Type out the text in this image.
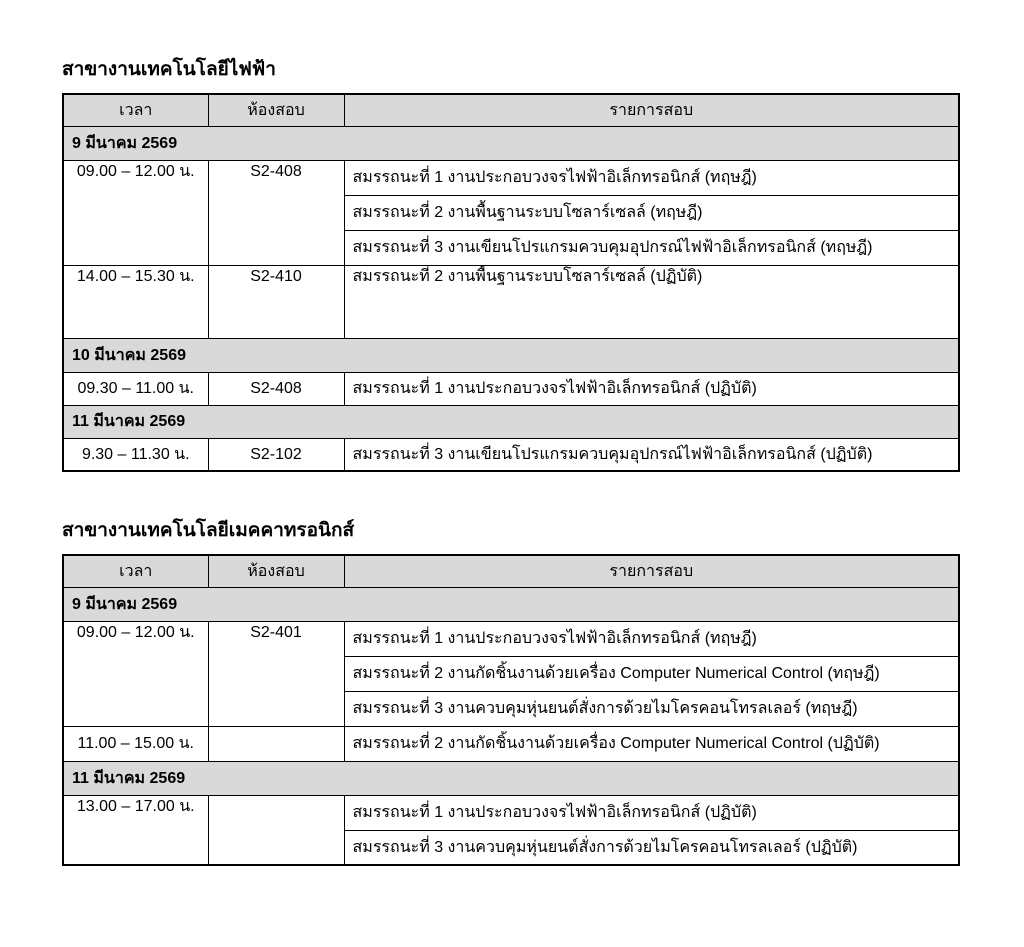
สาขางานเทคโนโลยีไฟฟ้า
เวลา	ห้องสอบ	รายการสอบ
9 มีนาคม 2569		
09.00 – 12.00 น.	S2-408	สมรรถนะที่ 1 งานประกอบวงจรไฟฟ้าอิเล็กทรอนิกส์ (ทฤษฎี)
		สมรรถนะที่ 2 งานพื้นฐานระบบโซลาร์เซลล์ (ทฤษฎี)
		สมรรถนะที่ 3 งานเขียนโปรแกรมควบคุมอุปกรณ์ไฟฟ้าอิเล็กทรอนิกส์ (ทฤษฎี)
14.00 – 15.30 น.	S2-410	สมรรถนะที่ 2 งานพื้นฐานระบบโซลาร์เซลล์ (ปฏิบัติ)
10 มีนาคม 2569		
09.30 – 11.00 น.	S2-408	สมรรถนะที่ 1 งานประกอบวงจรไฟฟ้าอิเล็กทรอนิกส์ (ปฏิบัติ)
11 มีนาคม 2569		
9.30 – 11.30 น.	S2-102	สมรรถนะที่ 3 งานเขียนโปรแกรมควบคุมอุปกรณ์ไฟฟ้าอิเล็กทรอนิกส์ (ปฏิบัติ)
สาขางานเทคโนโลยีเมคคาทรอนิกส์
เวลา	ห้องสอบ	รายการสอบ
9 มีนาคม 2569		
09.00 – 12.00 น.	S2-401	สมรรถนะที่ 1 งานประกอบวงจรไฟฟ้าอิเล็กทรอนิกส์ (ทฤษฎี)
		สมรรถนะที่ 2 งานกัดชิ้นงานด้วยเครื่อง Computer Numerical Control (ทฤษฎี)
		สมรรถนะที่ 3 งานควบคุมหุ่นยนต์สั่งการด้วยไมโครคอนโทรลเลอร์ (ทฤษฎี)
11.00 – 15.00 น.		สมรรถนะที่ 2 งานกัดชิ้นงานด้วยเครื่อง Computer Numerical Control (ปฏิบัติ)
11 มีนาคม 2569		
13.00 – 17.00 น.		สมรรถนะที่ 1 งานประกอบวงจรไฟฟ้าอิเล็กทรอนิกส์ (ปฏิบัติ)
		สมรรถนะที่ 3 งานควบคุมหุ่นยนต์สั่งการด้วยไมโครคอนโทรลเลอร์ (ปฏิบัติ)
